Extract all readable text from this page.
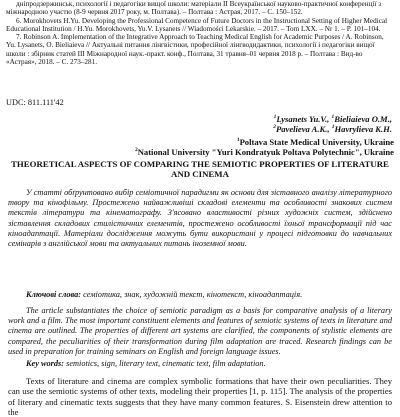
дніпродзержинськ, психології і педагогіки вищої школи: матеріали II Всеукраїнської науково-практичної конференції з міжнародною участю (8-9 червня 2017 року, м. Полтава). – Полтава : Астрая, 2017. – С. 150–152.
6. Morokhovets H.Yu. Developing the Professional Competence of Future Doctors in the Instructional Setting of Higher Medical Educational Institution / H.Yu. Morokhovets, Yu.V. Lysanets // Wiadomości Lekarskie. – 2017. – Tom LXX. – Nr 1. – P. 101–104.
7. Robinson A. Implementation of the Integrative Approach to Teaching Medical English for Academic Purposes / A. Robinson, Yu. Lysanets, O. Bieliaieva // Актуальні питання лінгвістики, професійної лінгводидактики, психології і педагогіки вищої школи : збірник статей ІІІ Міжнародної наук.-практ. конф., Полтава, 31 травня–01 червня 2018 р. – Полтава : Вид-во «Астрая», 2018. – С. 273–281.
UDC: 811.111'42
$^1$Lysanets Yu.V., $^1$Bieliaieva O.M.,
$^2$Pavelieva A.K., $^1$Havrylieva K.H.
$^1$Poltava State Medical University, Ukraine
$^2$National University "Yuri Kondratyuk Poltava Polytechnic", Ukraine
THEORETICAL ASPECTS OF COMPARING THE SEMIOTIC PROPERTIES OF LITERATURE AND CINEMA
У статті обґрунтовано вибір семіотичної парадигми як основи для зіставного аналізу літературного твору та кінофільму. Простежено найважливіші складові елементи та особливості знакових систем текстів літератури та кінематографу. З'ясовано властивості різних художніх систем, здійснено зіставлення складових стилістичних елементів, простежено особливості їхньої трансформації під час кіноадаптації. Матеріали дослідження можуть бути використані у процесі підготовки до навчальних семінарів з англійської мови та актуальних питань іноземної мови.
Ключові слова: семіотика, знак, художній текст, кінотекст, кіноадаптація.
The article substantiates the choice of semiotic paradigm as a basis for comparative analysis of a literary work and a film. The most important constituent elements and features of semiotic systems of texts in literature and cinema are outlined. The properties of different art systems are clarified, the components of stylistic elements are compared, the peculiarities of their transformation during film adaptation are traced. Research findings can be used in preparation for training seminars on English and foreign language issues.
Key words: semiotics, sign, literary text, cinematic text, film adaptation.
Texts of literature and cinema are complex symbolic formations that have their own peculiarities. They can use the semiotic systems of other texts, modeling their properties [1, p. 115]. The analysis of the properties of literary and cinematic texts suggests that they have many common features. S. Eisenstein drew attention to the
